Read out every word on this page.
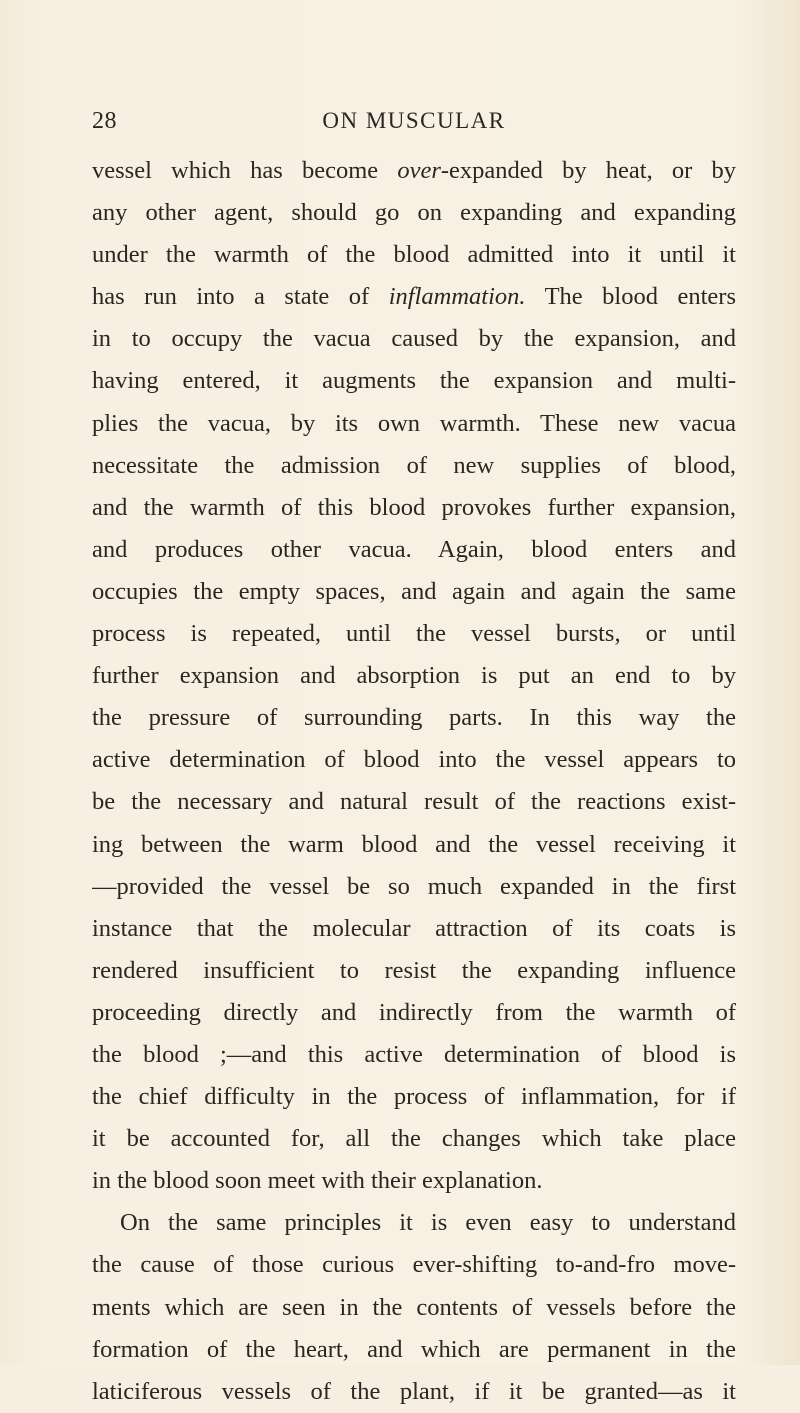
28	ON MUSCULAR
vessel which has become over-expanded by heat, or by
any other agent, should go on expanding and expanding
under the warmth of the blood admitted into it until it
has run into a state of inflammation. The blood enters
in to occupy the vacua caused by the expansion, and
having entered, it augments the expansion and multi-
plies the vacua, by its own warmth. These new vacua
necessitate the admission of new supplies of blood,
and the warmth of this blood provokes further expansion,
and produces other vacua. Again, blood enters and
occupies the empty spaces, and again and again the same
process is repeated, until the vessel bursts, or until
further expansion and absorption is put an end to by
the pressure of surrounding parts. In this way the
active determination of blood into the vessel appears to
be the necessary and natural result of the reactions exist-
ing between the warm blood and the vessel receiving it
—provided the vessel be so much expanded in the first
instance that the molecular attraction of its coats is
rendered insufficient to resist the expanding influence
proceeding directly and indirectly from the warmth of
the blood ;—and this active determination of blood is
the chief difficulty in the process of inflammation, for if
it be accounted for, all the changes which take place
in the blood soon meet with their explanation.
On the same principles it is even easy to understand
the cause of those curious ever-shifting to-and-fro move-
ments which are seen in the contents of vessels before the
formation of the heart, and which are permanent in the
laticiferous vessels of the plant, if it be granted—as it
